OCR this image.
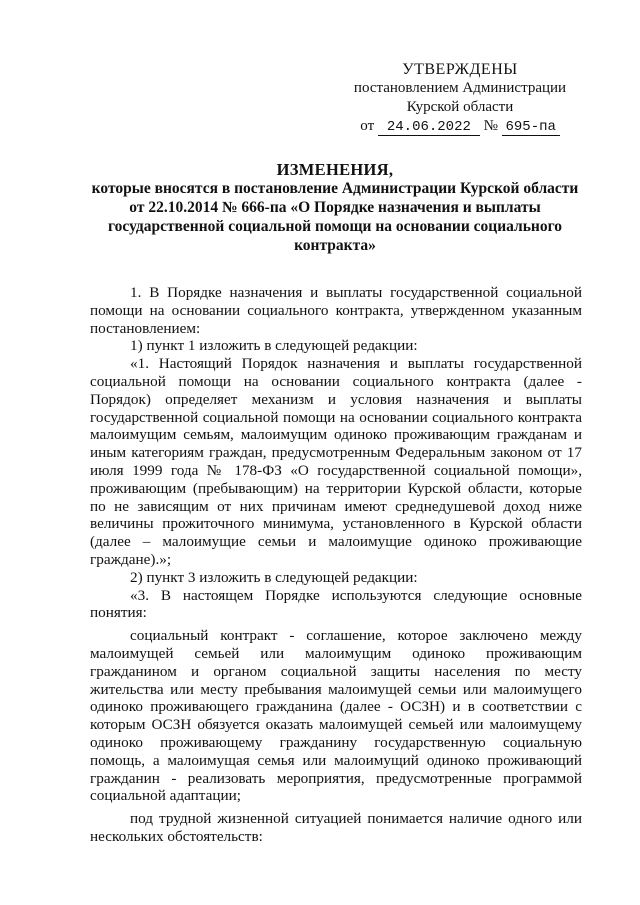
УТВЕРЖДЕНЫ
постановлением Администрации
Курской области
от 24.06.2022 № 695-па
ИЗМЕНЕНИЯ,
которые вносятся в постановление Администрации Курской области
от 22.10.2014 № 666-па «О Порядке назначения и выплаты
государственной социальной помощи на основании социального
контракта»

1. В Порядке назначения и выплаты государственной социальной помощи на основании социального контракта, утвержденном указанным постановлением:

1) пункт 1 изложить в следующей редакции:

«1. Настоящий Порядок назначения и выплаты государственной социальной помощи на основании социального контракта (далее - Порядок) определяет механизм и условия назначения и выплаты государственной социальной помощи на основании социального контракта малоимущим семьям, малоимущим одиноко проживающим гражданам и иным категориям граждан, предусмотренным Федеральным законом от 17 июля 1999 года № 178-ФЗ «О государственной социальной помощи», проживающим (пребывающим) на территории Курской области, которые по не зависящим от них причинам имеют среднедушевой доход ниже величины прожиточного минимума, установленного в Курской области (далее – малоимущие семьи и малоимущие одиноко проживающие граждане).»;

2) пункт 3 изложить в следующей редакции:

«3. В настоящем Порядке используются следующие основные понятия:

социальный контракт - соглашение, которое заключено между малоимущей семьей или малоимущим одиноко проживающим гражданином и органом социальной защиты населения по месту жительства или месту пребывания малоимущей семьи или малоимущего одиноко проживающего гражданина (далее - ОСЗН) и в соответствии с которым ОСЗН обязуется оказать малоимущей семьей или малоимущему одиноко проживающему гражданину государственную социальную помощь, а малоимущая семья или малоимущий одиноко проживающий гражданин - реализовать мероприятия, предусмотренные программой социальной адаптации;

под трудной жизненной ситуацией понимается наличие одного или нескольких обстоятельств:
